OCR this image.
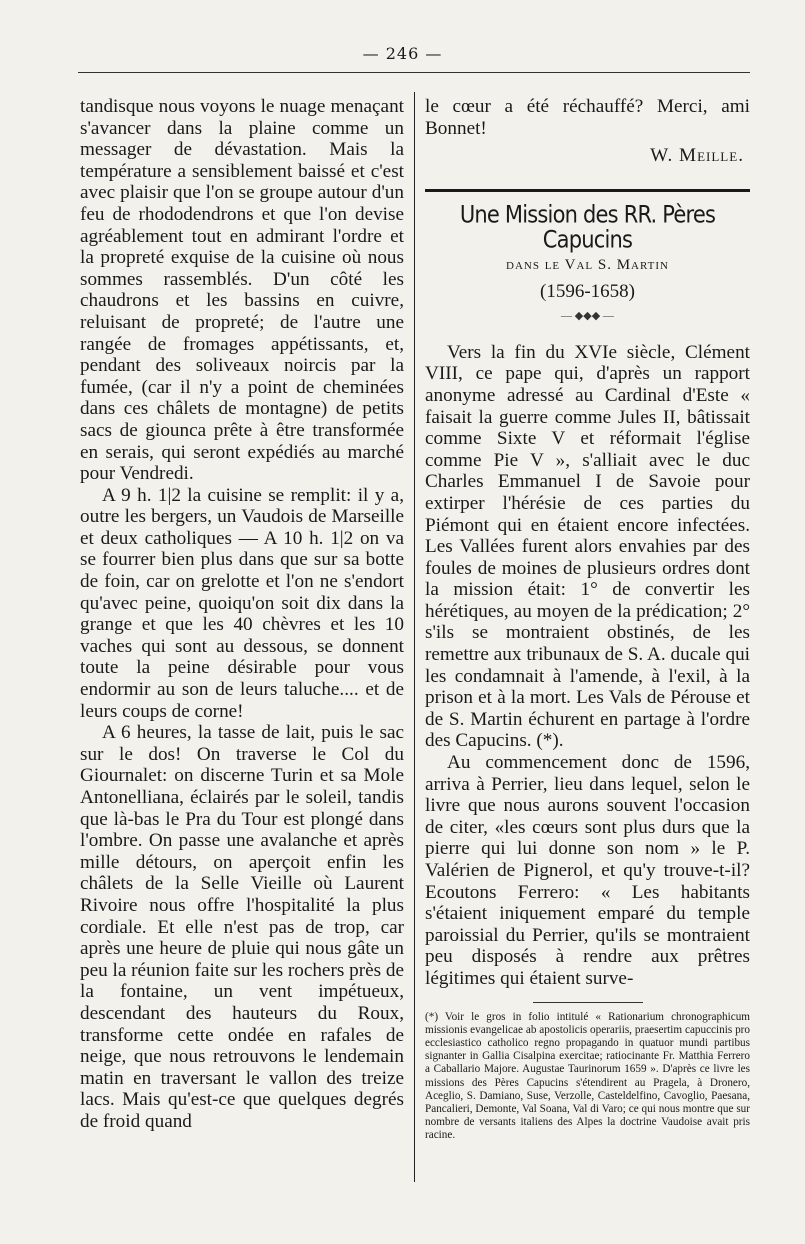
— 246 —

tandisque nous voyons le nuage menaçant s'avancer dans la plaine comme un messager de dévastation. Mais la température a sensiblement baissé et c'est avec plaisir que l'on se groupe autour d'un feu de rhododendrons et que l'on devise agréablement tout en admirant l'ordre et la propreté exquise de la cuisine où nous sommes rassemblés. D'un côté les chaudrons et les bassins en cuivre, reluisant de propreté; de l'autre une rangée de fromages appétissants, et, pendant des soliveaux noircis par la fumée, (car il n'y a point de cheminées dans ces châlets de montagne) de petits sacs de giounca prête à être transformée en serais, qui seront expédiés au marché pour Vendredi.

A 9 h. 1|2 la cuisine se remplit: il y a, outre les bergers, un Vaudois de Marseille et deux catholiques — A 10 h. 1|2 on va se fourrer bien plus dans que sur sa botte de foin, car on grelotte et l'on ne s'endort qu'avec peine, quoiqu'on soit dix dans la grange et que les 40 chèvres et les 10 vaches qui sont au dessous, se donnent toute la peine désirable pour vous endormir au son de leurs taluche.... et de leurs coups de corne!

A 6 heures, la tasse de lait, puis le sac sur le dos! On traverse le Col du Giournalet: on discerne Turin et sa Mole Antonelliana, éclairés par le soleil, tandis que là-bas le Pra du Tour est plongé dans l'ombre. On passe une avalanche et après mille détours, on aperçoit enfin les châlets de la Selle Vieille où Laurent Rivoire nous offre l'hospitalité la plus cordiale. Et elle n'est pas de trop, car après une heure de pluie qui nous gâte un peu la réunion faite sur les rochers près de la fontaine, un vent impétueux, descendant des hauteurs du Roux, transforme cette ondée en rafales de neige, que nous retrouvons le lendemain matin en traversant le vallon des treize lacs. Mais qu'est-ce que quelques degrés de froid quand

le cœur a été réchauffé? Merci, ami Bonnet!

W. Meille.

Une Mission des RR. Pères Capucins

dans le Val S. Martin

(1596-1658)

— ◆◆◆ —

Vers la fin du XVIe siècle, Clément VIII, ce pape qui, d'après un rapport anonyme adressé au Cardinal d'Este « faisait la guerre comme Jules II, bâtissait comme Sixte V et réformait l'église comme Pie V », s'alliait avec le duc Charles Emmanuel I de Savoie pour extirper l'hérésie de ces parties du Piémont qui en étaient encore infectées. Les Vallées furent alors envahies par des foules de moines de plusieurs ordres dont la mission était: 1° de convertir les hérétiques, au moyen de la prédication; 2° s'ils se montraient obstinés, de les remettre aux tribunaux de S. A. ducale qui les condamnait à l'amende, à l'exil, à la prison et à la mort. Les Vals de Pérouse et de S. Martin échurent en partage à l'ordre des Capucins. (*).

Au commencement donc de 1596, arriva à Perrier, lieu dans lequel, selon le livre que nous aurons souvent l'occasion de citer, «les cœurs sont plus durs que la pierre qui lui donne son nom » le P. Valérien de Pignerol, et qu'y trouve-t-il? Ecoutons Ferrero: « Les habitants s'étaient iniquement emparé du temple paroissial du Perrier, qu'ils se montraient peu disposés à rendre aux prêtres légitimes qui étaient surve-

(*) Voir le gros in folio intitulé « Rationarium chronographicum missionis evangelicae ab apostolicis operariis, praesertim capuccinis pro ecclesiastico catholico regno propagando in quatuor mundi partibus signanter in Gallia Cisalpina exercitae; ratiocinante Fr. Matthia Ferrero a Caballario Majore. Augustae Taurinorum 1659 ». D'après ce livre les missions des Pères Capucins s'étendirent au Pragela, à Dronero, Aceglio, S. Damiano, Suse, Verzolle, Casteldelfino, Cavoglio, Paesana, Pancalieri, Demonte, Val Soana, Val di Varo; ce qui nous montre que sur nombre de versants italiens des Alpes la doctrine Vaudoise avait pris racine.
